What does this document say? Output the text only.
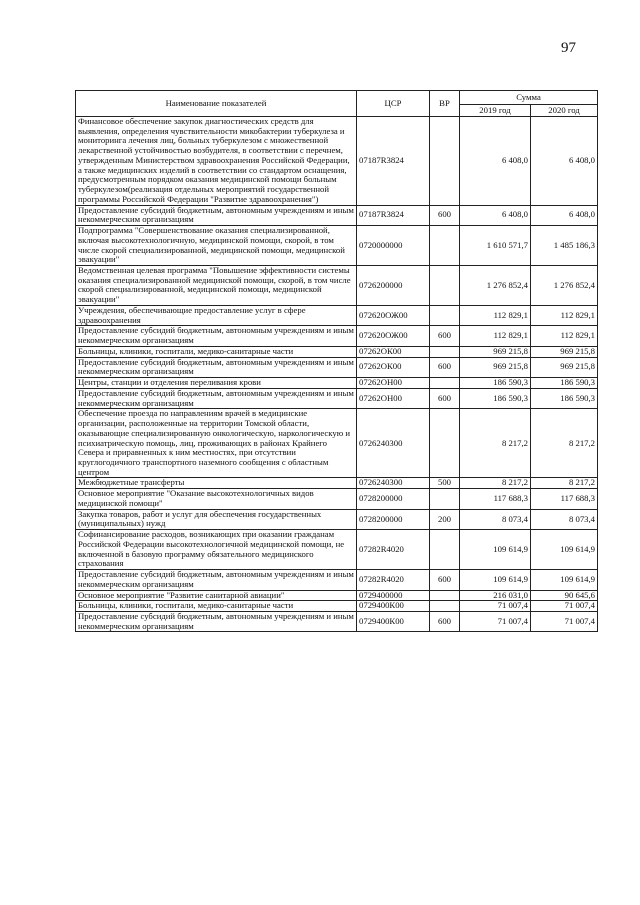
97
Наименование показателей	ЦСР	ВР	Сумма	
			2019 год	2020 год
Финансовое обеспечение закупок диагностических средств для выявления, определения чувствительности микобактерии туберкулеза и мониторинга лечения лиц, больных туберкулезом с множественной лекарственной устойчивостью возбудителя, в соответствии с перечнем, утвержденным Министерством здравоохранения Российской Федерации, а также медицинских изделий в соответствии со стандартом оснащения, предусмотренным порядком оказания медицинской помощи больным туберкулезом(реализация отдельных мероприятий государственной программы Российской Федерации "Развитие здравоохранения")	07187R3824		6 408,0	6 408,0
Предоставление субсидий бюджетным, автономным учреждениям и иным некоммерческим организациям	07187R3824	600	6 408,0	6 408,0
Подпрограмма "Совершенствование оказания специализированной, включая высокотехнологичную, медицинской помощи, скорой, в том числе скорой специализированной, медицинской помощи, медицинской эвакуации"	0720000000		1 610 571,7	1 485 186,3
Ведомственная целевая программа "Повышение эффективности системы оказания специализированной медицинской помощи, скорой, в том числе скорой специализированной, медицинской помощи, медицинской эвакуации"	0726200000		1 276 852,4	1 276 852,4
Учреждения, обеспечивающие предоставление услуг в сфере здравоохранения	072620ОЖ00		112 829,1	112 829,1
Предоставление субсидий бюджетным, автономным учреждениям и иным некоммерческим организациям	072620ОЖ00	600	112 829,1	112 829,1
Больницы, клиники, госпитали, медико-санитарные части	07262ОК00		969 215,8	969 215,8
Предоставление субсидий бюджетным, автономным учреждениям и иным некоммерческим организациям	07262ОК00	600	969 215,8	969 215,8
Центры, станции и отделения переливания крови	07262ОН00		186 590,3	186 590,3
Предоставление субсидий бюджетным, автономным учреждениям и иным некоммерческим организациям	07262ОН00	600	186 590,3	186 590,3
Обеспечение проезда по направлениям врачей в медицинские организации, расположенные на территории Томской области, оказывающие специализированную онкологическую, наркологическую и психиатрическую помощь, лиц, проживающих в районах Крайнего Севера и приравненных к ним местностях, при отсутствии круглогодичного транспортного наземного сообщения с областным центром	0726240300		8 217,2	8 217,2
Межбюджетные трансферты	0726240300	500	8 217,2	8 217,2
Основное мероприятие "Оказание высокотехнологичных видов медицинской помощи"	0728200000		117 688,3	117 688,3
Закупка товаров, работ и услуг для обеспечения государственных (муниципальных) нужд	0728200000	200	8 073,4	8 073,4
Софинансирование расходов, возникающих при оказании гражданам Российской Федерации высокотехнологичной медицинской помощи, не включенной в базовую программу обязательного медицинского страхования	07282R4020		109 614,9	109 614,9
Предоставление субсидий бюджетным, автономным учреждениям и иным некоммерческим организациям	07282R4020	600	109 614,9	109 614,9
Основное мероприятие "Развитие санитарной авиации"	0729400000		216 031,0	90 645,6
Больницы, клиники, госпитали, медико-санитарные части	0729400К00		71 007,4	71 007,4
Предоставление субсидий бюджетным, автономным учреждениям и иным некоммерческим организациям	0729400К00	600	71 007,4	71 007,4
